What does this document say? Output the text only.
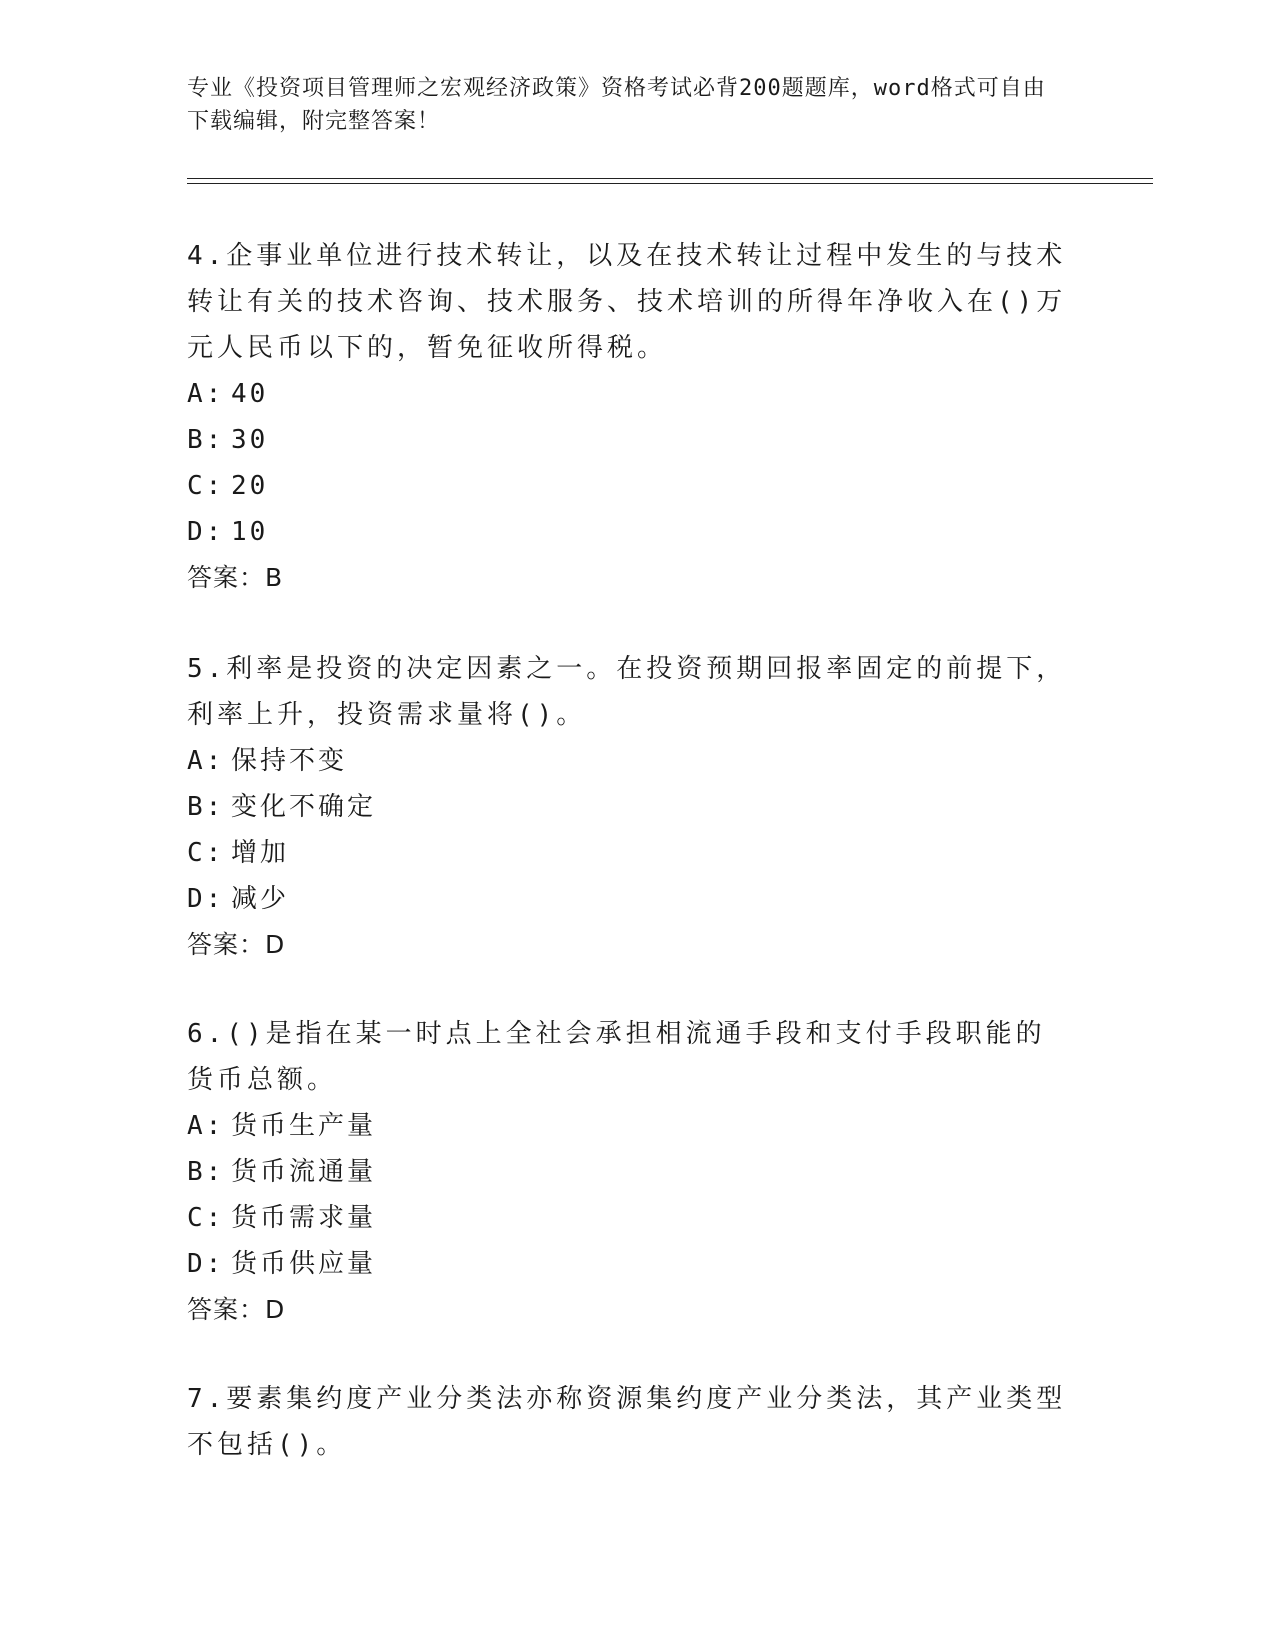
专业《投资项目管理师之宏观经济政策》资格考试必背200题题库，word格式可自由下载编辑，附完整答案！

4.企事业单位进行技术转让，以及在技术转让过程中发生的与技术转让有关的技术咨询、技术服务、技术培训的所得年净收入在()万元人民币以下的，暂免征收所得税。

A: 40

B: 30

C: 20

D: 10

答案：B

5.利率是投资的决定因素之一。在投资预期回报率固定的前提下，利率上升，投资需求量将()。

A: 保持不变

B: 变化不确定

C: 增加

D: 减少

答案：D

6.()是指在某一时点上全社会承担相流通手段和支付手段职能的货币总额。

A: 货币生产量

B: 货币流通量

C: 货币需求量

D: 货币供应量

答案：D

7.要素集约度产业分类法亦称资源集约度产业分类法，其产业类型不包括()。
